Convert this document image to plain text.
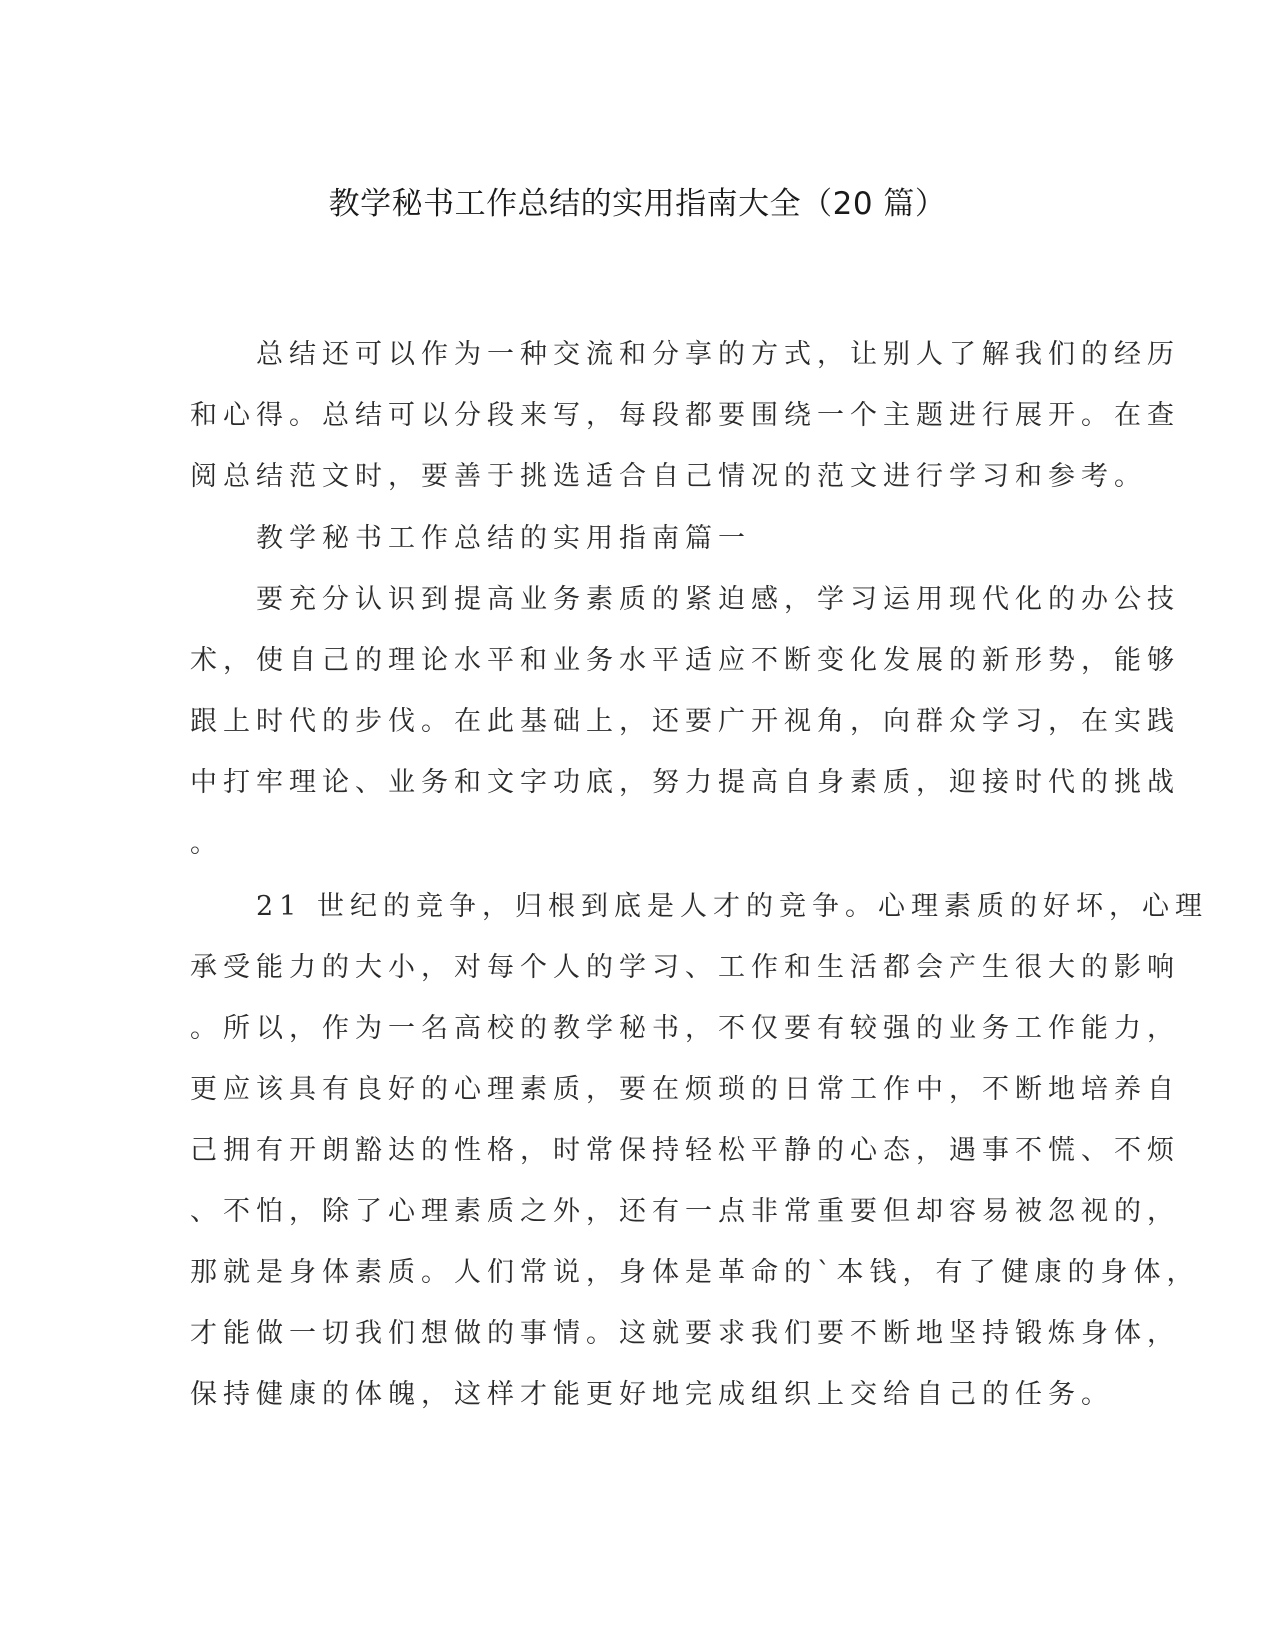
教学秘书工作总结的实用指南大全（20 篇）
　　总结还可以作为一种交流和分享的方式，让别人了解我们的经历
和心得。总结可以分段来写，每段都要围绕一个主题进行展开。在查
阅总结范文时，要善于挑选适合自己情况的范文进行学习和参考。
　　教学秘书工作总结的实用指南篇一
　　要充分认识到提高业务素质的紧迫感，学习运用现代化的办公技
术，使自己的理论水平和业务水平适应不断变化发展的新形势，能够
跟上时代的步伐。在此基础上，还要广开视角，向群众学习，在实践
中打牢理论、业务和文字功底，努力提高自身素质，迎接时代的挑战
。
　　21 世纪的竞争，归根到底是人才的竞争。心理素质的好坏，心理
承受能力的大小，对每个人的学习、工作和生活都会产生很大的影响
。所以，作为一名高校的教学秘书，不仅要有较强的业务工作能力，
更应该具有良好的心理素质，要在烦琐的日常工作中，不断地培养自
己拥有开朗豁达的性格，时常保持轻松平静的心态，遇事不慌、不烦
、不怕，除了心理素质之外，还有一点非常重要但却容易被忽视的，
那就是身体素质。人们常说，身体是革命的`本钱，有了健康的身体，
才能做一切我们想做的事情。这就要求我们要不断地坚持锻炼身体，
保持健康的体魄，这样才能更好地完成组织上交给自己的任务。
